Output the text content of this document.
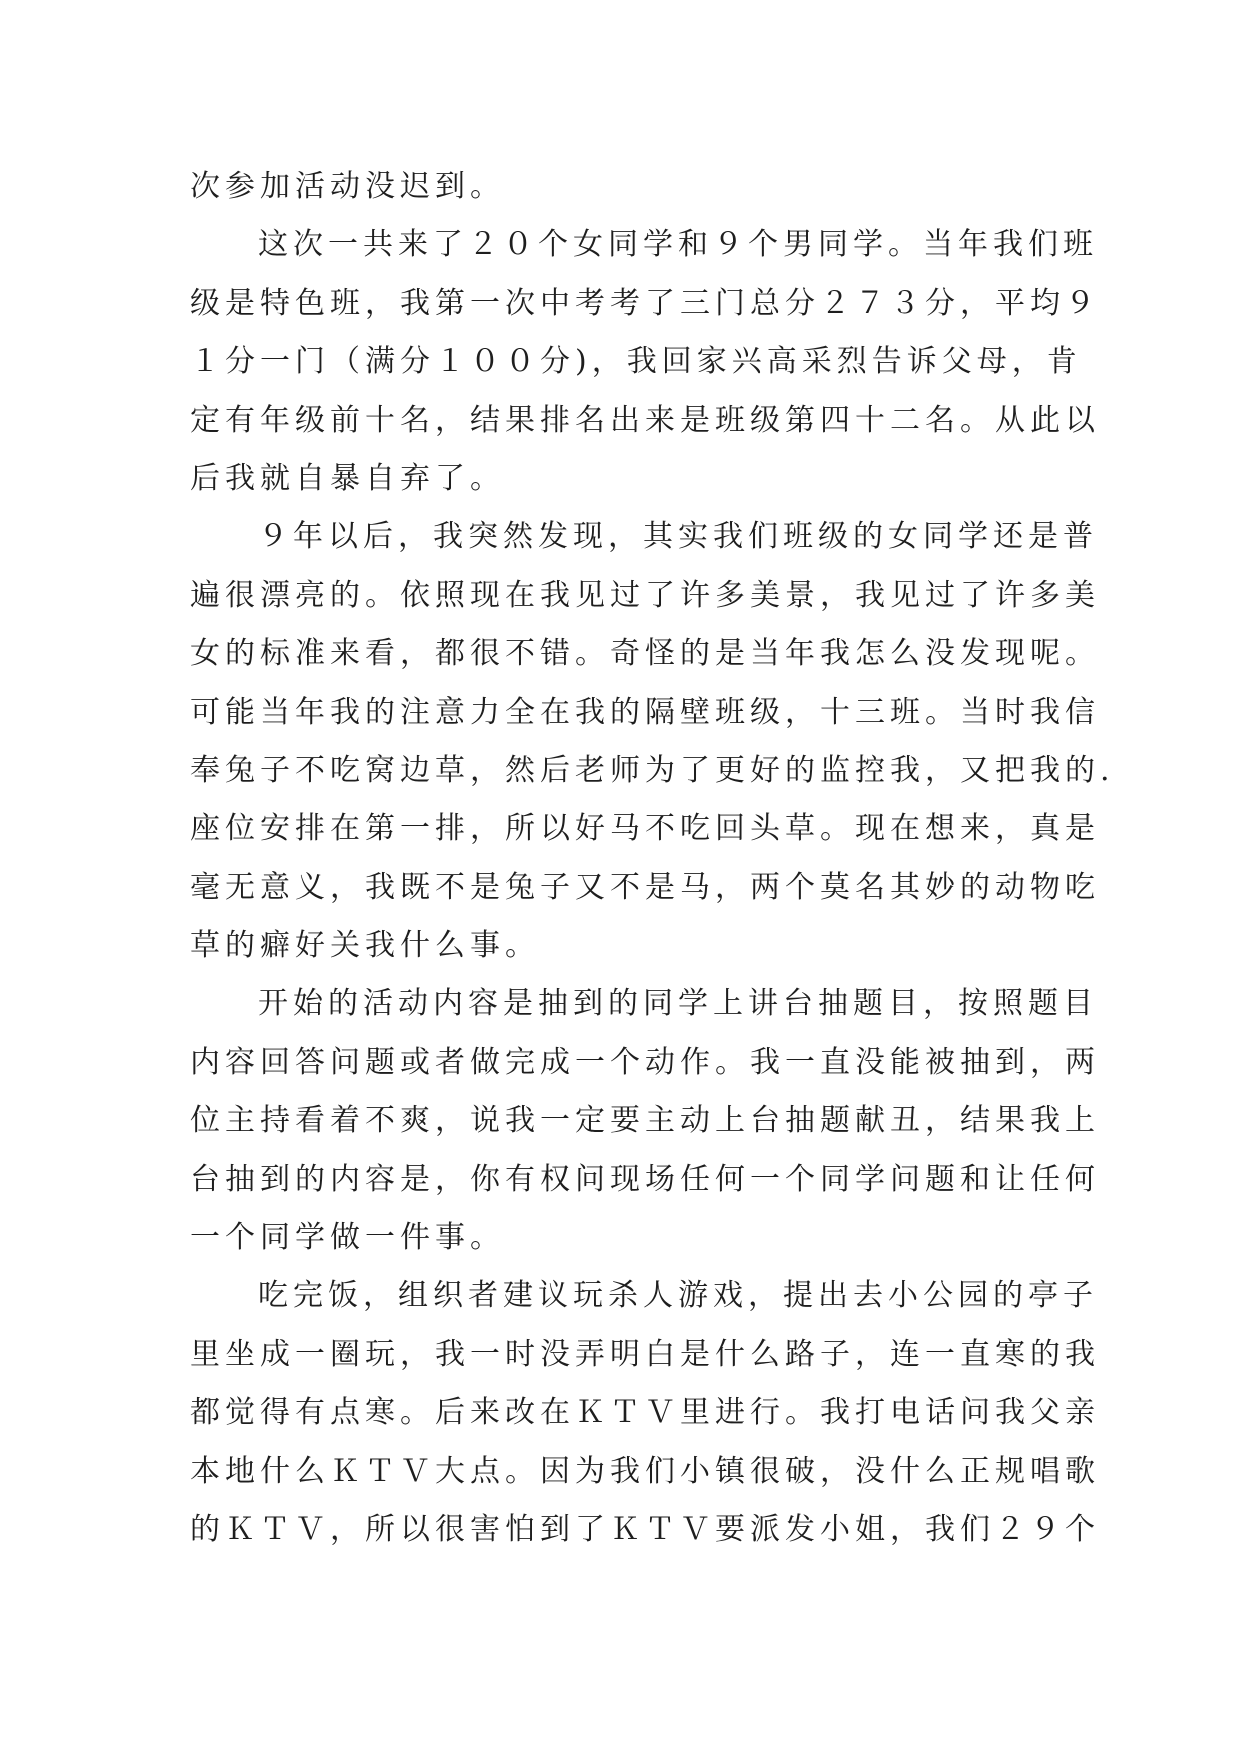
次参加活动没迟到。

这次一共来了２０个女同学和９个男同学。当年我们班

级是特色班，我第一次中考考了三门总分２７３分，平均９

１分一门（满分１００分)，我回家兴高采烈告诉父母，肯

定有年级前十名，结果排名出来是班级第四十二名。从此以

后我就自暴自弃了。

９年以后，我突然发现，其实我们班级的女同学还是普

遍很漂亮的。依照现在我见过了许多美景，我见过了许多美

女的标准来看，都很不错。奇怪的是当年我怎么没发现呢。

可能当年我的注意力全在我的隔壁班级，十三班。当时我信

奉兔子不吃窝边草，然后老师为了更好的监控我，又把我的.

座位安排在第一排，所以好马不吃回头草。现在想来，真是

毫无意义，我既不是兔子又不是马，两个莫名其妙的动物吃

草的癖好关我什么事。

开始的活动内容是抽到的同学上讲台抽题目，按照题目

内容回答问题或者做完成一个动作。我一直没能被抽到，两

位主持看着不爽，说我一定要主动上台抽题献丑，结果我上

台抽到的内容是，你有权问现场任何一个同学问题和让任何

一个同学做一件事。

吃完饭，组织者建议玩杀人游戏，提出去小公园的亭子

里坐成一圈玩，我一时没弄明白是什么路子，连一直寒的我

都觉得有点寒。后来改在ＫＴＶ里进行。我打电话问我父亲

本地什么ＫＴＶ大点。因为我们小镇很破，没什么正规唱歌

的ＫＴＶ，所以很害怕到了ＫＴＶ要派发小姐，我们２９个
